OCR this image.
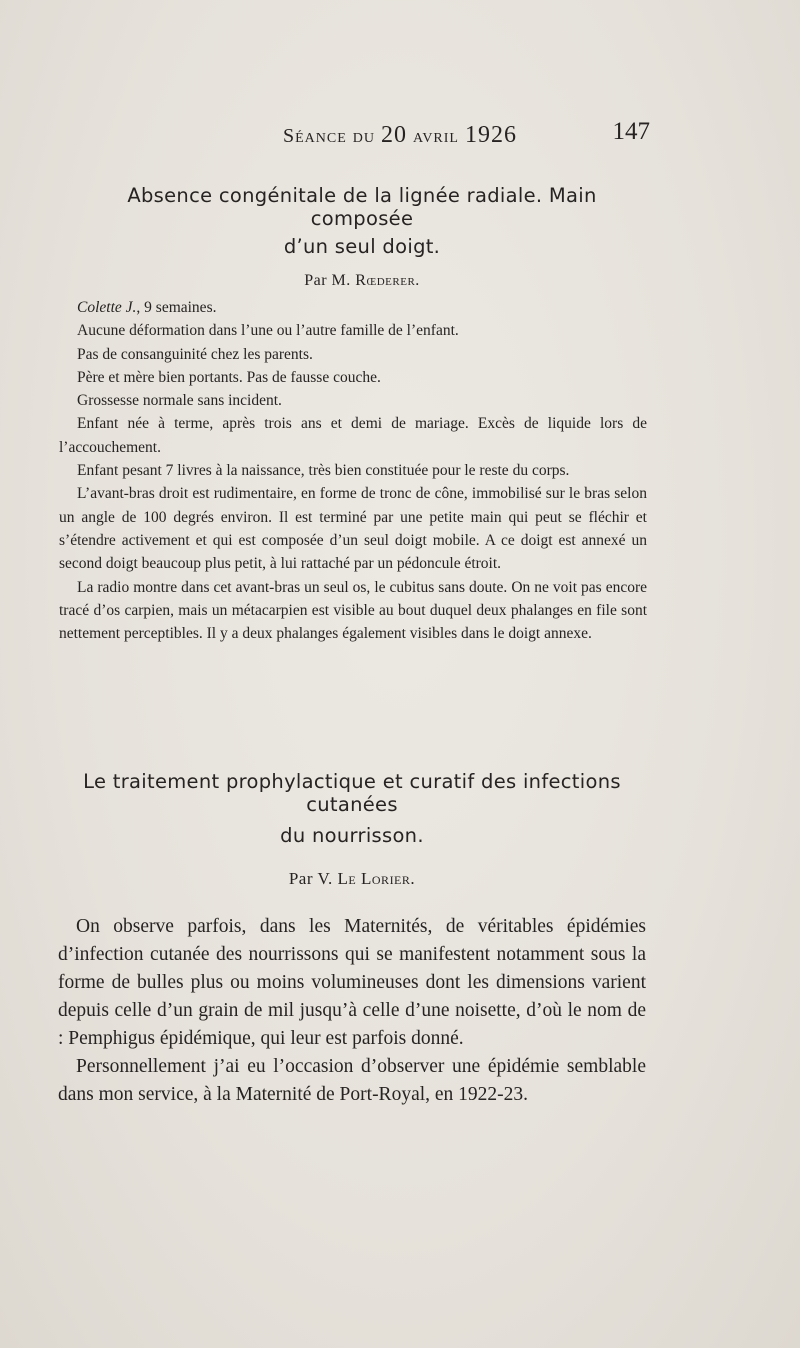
Séance du 20 avril 1926	147
Absence congénitale de la lignée radiale. Main composée
d’un seul doigt.

Par M. Rœderer.

Colette J., 9 semaines.

Aucune déformation dans l’une ou l’autre famille de l’enfant.

Pas de consanguinité chez les parents.

Père et mère bien portants. Pas de fausse couche.

Grossesse normale sans incident.

Enfant née à terme, après trois ans et demi de mariage. Excès de liquide lors de l’accouchement.

Enfant pesant 7 livres à la naissance, très bien constituée pour le reste du corps.

L’avant-bras droit est rudimentaire, en forme de tronc de cône, immobilisé sur le bras selon un angle de 100 degrés environ. Il est terminé par une petite main qui peut se fléchir et s’étendre activement et qui est composée d’un seul doigt mobile. A ce doigt est annexé un second doigt beaucoup plus petit, à lui rattaché par un pédoncule étroit.

La radio montre dans cet avant-bras un seul os, le cubitus sans doute. On ne voit pas encore tracé d’os carpien, mais un métacarpien est visible au bout duquel deux phalanges en file sont nettement perceptibles. Il y a deux phalanges également visibles dans le doigt annexe.

Le traitement prophylactique et curatif des infections cutanées
du nourrisson.

Par V. Le Lorier.

On observe parfois, dans les Maternités, de véritables épidémies d’infection cutanée des nourrissons qui se manifestent notamment sous la forme de bulles plus ou moins volumineuses dont les dimensions varient depuis celle d’un grain de mil jusqu’à celle d’une noisette, d’où le nom de : Pemphigus épidémique, qui leur est parfois donné.

Personnellement j’ai eu l’occasion d’observer une épidémie semblable dans mon service, à la Maternité de Port-Royal, en 1922-23.
